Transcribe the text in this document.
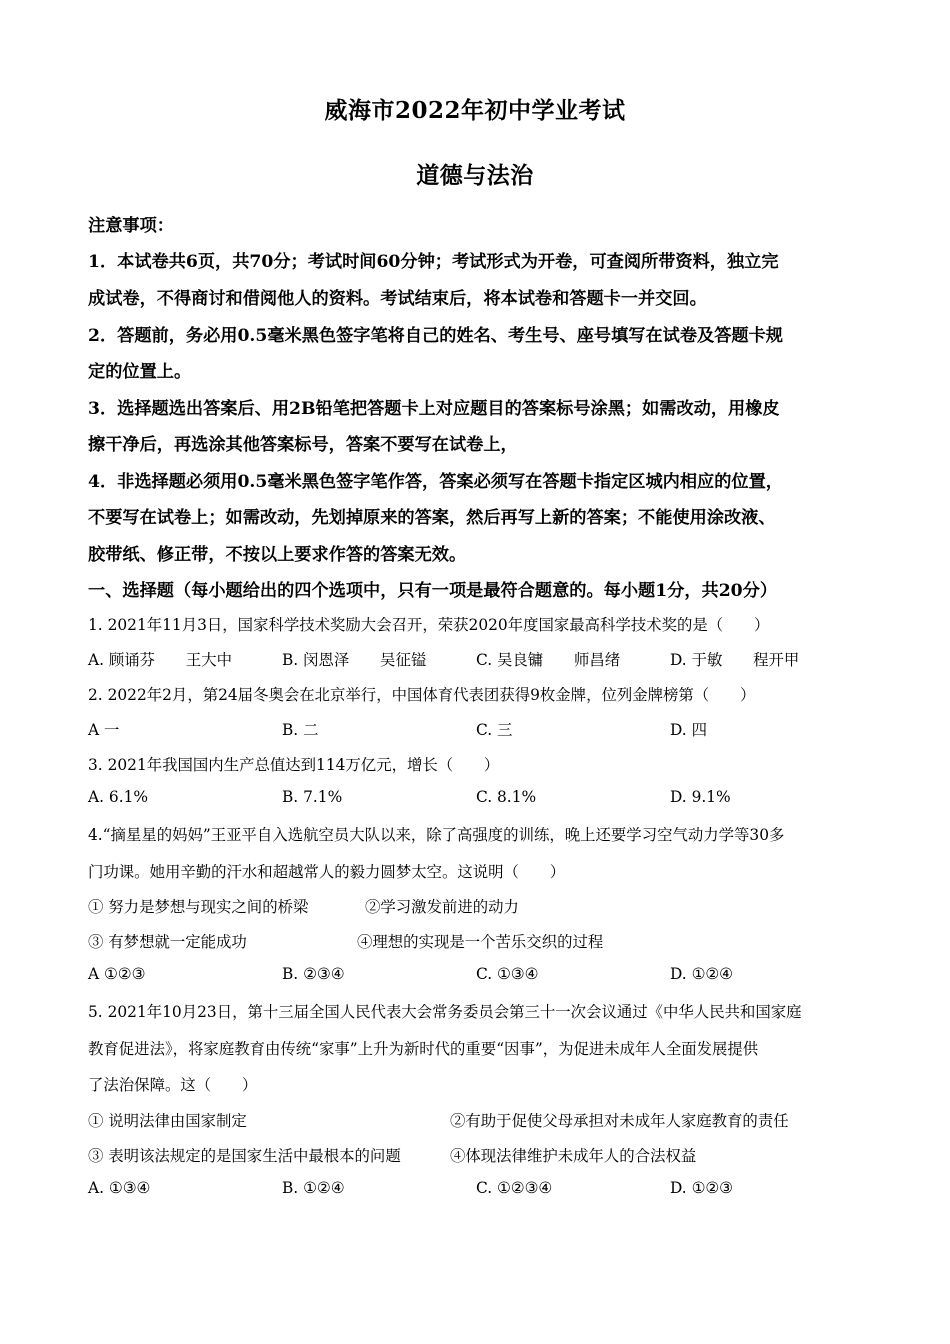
威海市2022年初中学业考试
道德与法治
注意事项：
1．本试卷共6页，共70分；考试时间60分钟；考试形式为开卷，可查阅所带资料，独立完
成试卷，不得商讨和借阅他人的资料。考试结束后，将本试卷和答题卡一并交回。
2．答题前，务必用0.5毫米黑色签字笔将自己的姓名、考生号、座号填写在试卷及答题卡规
定的位置上。
3．选择题选出答案后、用2B铅笔把答题卡上对应题目的答案标号涂黑；如需改动，用橡皮
擦干净后，再选涂其他答案标号，答案不要写在试卷上，
4．非选择题必须用0.5毫米黑色签字笔作答，答案必须写在答题卡指定区城内相应的位置，
不要写在试卷上；如需改动，先划掉原来的答案，然后再写上新的答案；不能使用涂改液、
胶带纸、修正带，不按以上要求作答的答案无效。
一、选择题（每小题给出的四个选项中，只有一项是最符合题意的。每小题1分，共20分）
1. 2021年11月3日，国家科学技术奖励大会召开，荣获2020年度国家最高科学技术奖的是（　　）
A. 顾诵芬　　王大中	B. 闵恩泽　　吴征镒	C. 吴良镛　　师昌绪	D. 于敏　　程开甲
2. 2022年2月，第24届冬奥会在北京举行，中国体育代表团获得9枚金牌，位列金牌榜第（　　）
A 一	B. 二	C. 三	D. 四
3. 2021年我国国内生产总值达到114万亿元，增长（　　）
A. 6.1%	B. 7.1%	C. 8.1%	D. 9.1%
4.“摘星星的妈妈”王亚平自入选航空员大队以来，除了高强度的训练，晚上还要学习空气动力学等30多
门功课。她用辛勤的汗水和超越常人的毅力圆梦太空。这说明（　　）
① 努力是梦想与现实之间的桥梁	②学习激发前进的动力
③ 有梦想就一定能成功	④理想的实现是一个苦乐交织的过程
A ①②③	B. ②③④	C. ①③④	D. ①②④
5. 2021年10月23日，第十三届全国人民代表大会常务委员会第三十一次会议通过《中华人民共和国家庭
教育促进法》，将家庭教育由传统“家事”上升为新时代的重要“因事”，为促进未成年人全面发展提供
了法治保障。这（　　）
① 说明法律由国家制定	②有助于促使父母承担对未成年人家庭教育的责任
③ 表明该法规定的是国家生活中最根本的问题	④体现法律维护未成年人的合法权益
A. ①③④	B. ①②④	C. ①②③④	D. ①②③
